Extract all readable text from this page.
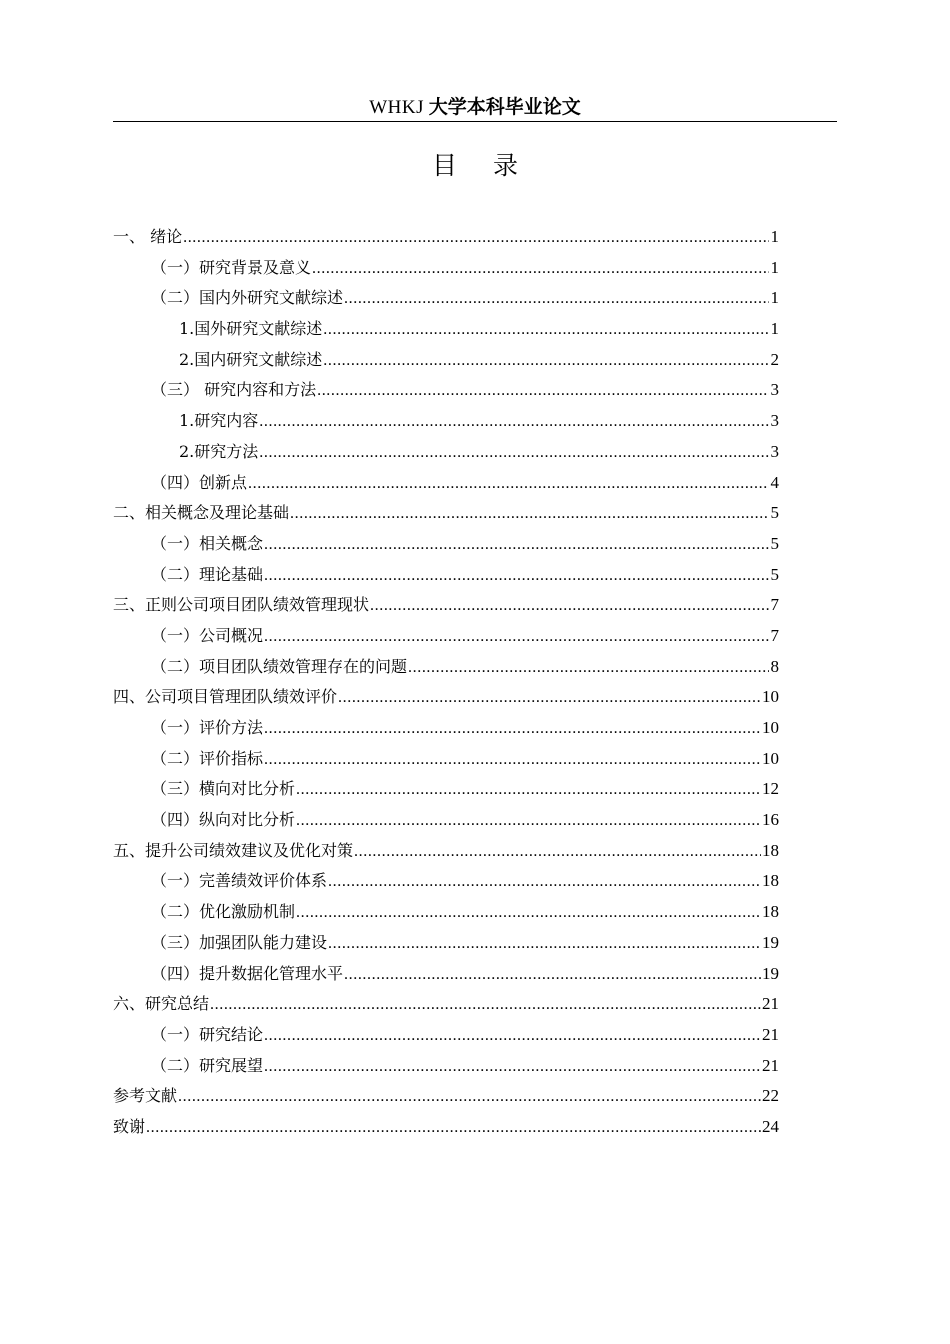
WHKJ 大学本科毕业论文
目 录
一、 绪论 .....	1
（一）研究背景及意义 .....	1
（二）国内外研究文献综述 .....	1
1.国外研究文献综述 .....	1
2.国内研究文献综述 .....	2
（三） 研究内容和方法 .....	3
1.研究内容 .....	3
2.研究方法 .....	3
（四）创新点 .....	4
二、相关概念及理论基础 .....	5
（一）相关概念 .....	5
（二）理论基础 .....	5
三、正则公司项目团队绩效管理现状 .....	7
（一）公司概况 .....	7
（二）项目团队绩效管理存在的问题 .....	8
四、公司项目管理团队绩效评价 .....	10
（一）评价方法 .....	10
（二）评价指标 .....	10
（三）横向对比分析 .....	12
（四）纵向对比分析 .....	16
五、提升公司绩效建议及优化对策 .....	18
（一）完善绩效评价体系 .....	18
（二）优化激励机制 .....	18
（三）加强团队能力建设 .....	19
（四）提升数据化管理水平 .....	19
六、研究总结 .....	21
（一）研究结论 .....	21
（二）研究展望 .....	21
参考文献 .....	22
致谢 .....	24
